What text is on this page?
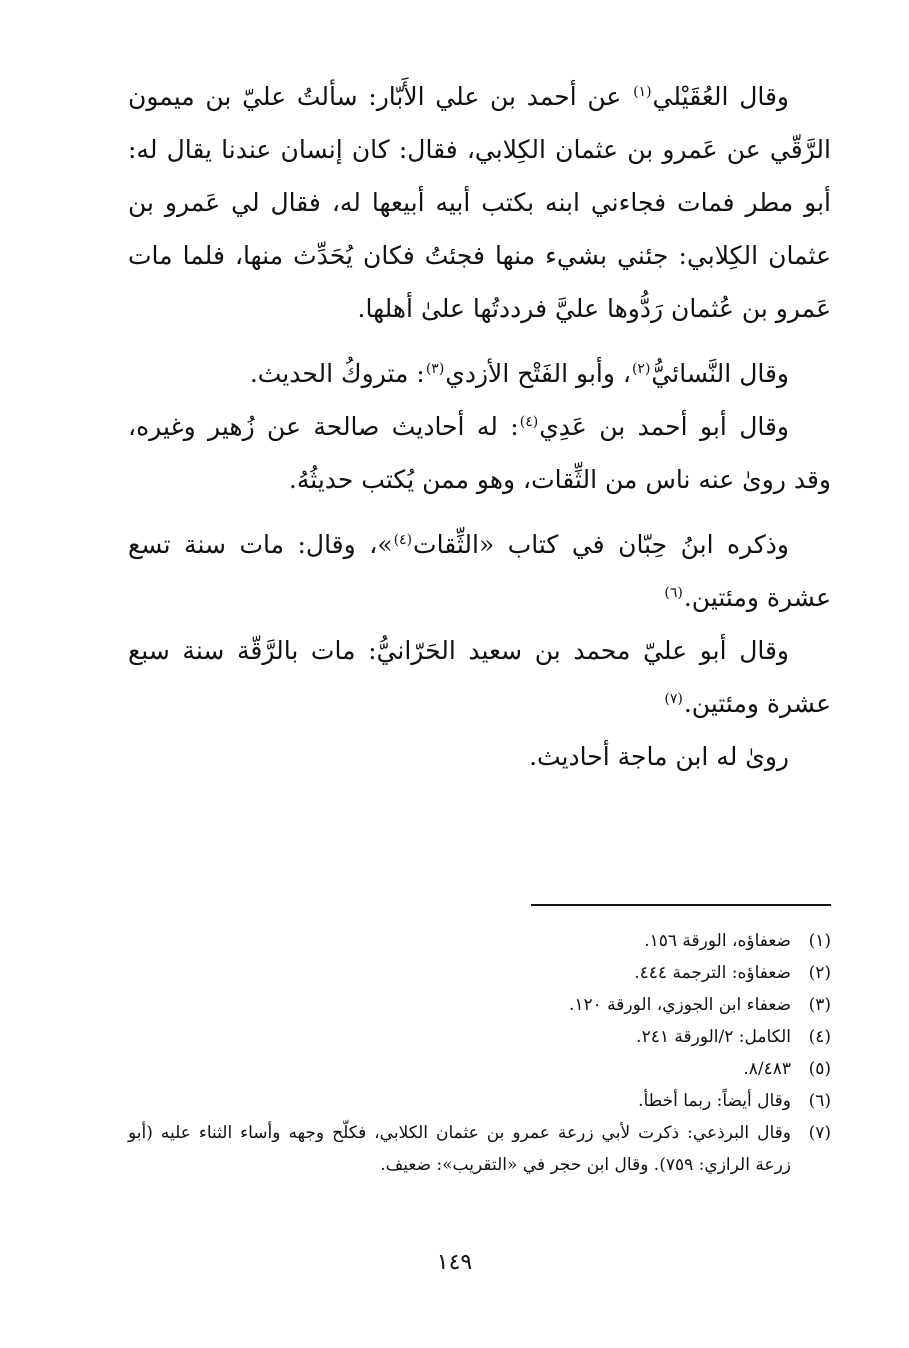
وقال العُقَيْلي$^{(١)}$ عن أحمد بن علي الأَبّار: سألتُ عليّ بن ميمون الرَّقّي عن عَمرو بن عثمان الكِلابي، فقال: كان إنسان عندنا يقال له: أبو مطر فمات فجاءني ابنه بكتب أبيه أبيعها له، فقال لي عَمرو بن عثمان الكِلابي: جئني بشيء منها فجئتُ فكان يُحَدِّث منها، فلما مات عَمرو بن عُثمان رَدُّوها عليَّ فرددتُها علىٰ أهلها.

وقال النَّسائيُّ$^{(٢)}$، وأبو الفَتْح الأزدي$^{(٣)}$: متروكُ الحديث.

وقال أبو أحمد بن عَدِي$^{(٤)}$: له أحاديث صالحة عن زُهير وغيره، وقد روىٰ عنه ناس من الثِّقات، وهو ممن يُكتب حديثُهُ.

وذكره ابنُ حِبّان في كتاب «الثِّقات$^{(٤)}$»، وقال: مات سنة تسع عشرة ومئتين.$^{(٦)}$

وقال أبو عليّ محمد بن سعيد الحَرّانيُّ: مات بالرَّقّة سنة سبع عشرة ومئتين.$^{(٧)}$

روىٰ له ابن ماجة أحاديث.

(١)
ضعفاؤه، الورقة ١٥٦.
(٢)
ضعفاؤه: الترجمة ٤٤٤.
(٣)
ضعفاء ابن الجوزي، الورقة ١٢٠.
(٤)
الكامل: ٢/الورقة ٢٤١.
(٥)
٨/٤٨٣.
(٦)
وقال أيضاً: ربما أخطأ.
(٧)
وقال البرذعي: ذكرت لأبي زرعة عمرو بن عثمان الكلابي، فكلّح وجهه وأساء الثناء عليه (أبو زرعة الرازي: ٧٥٩). وقال ابن حجر في «التقريب»: ضعيف.
١٤٩
